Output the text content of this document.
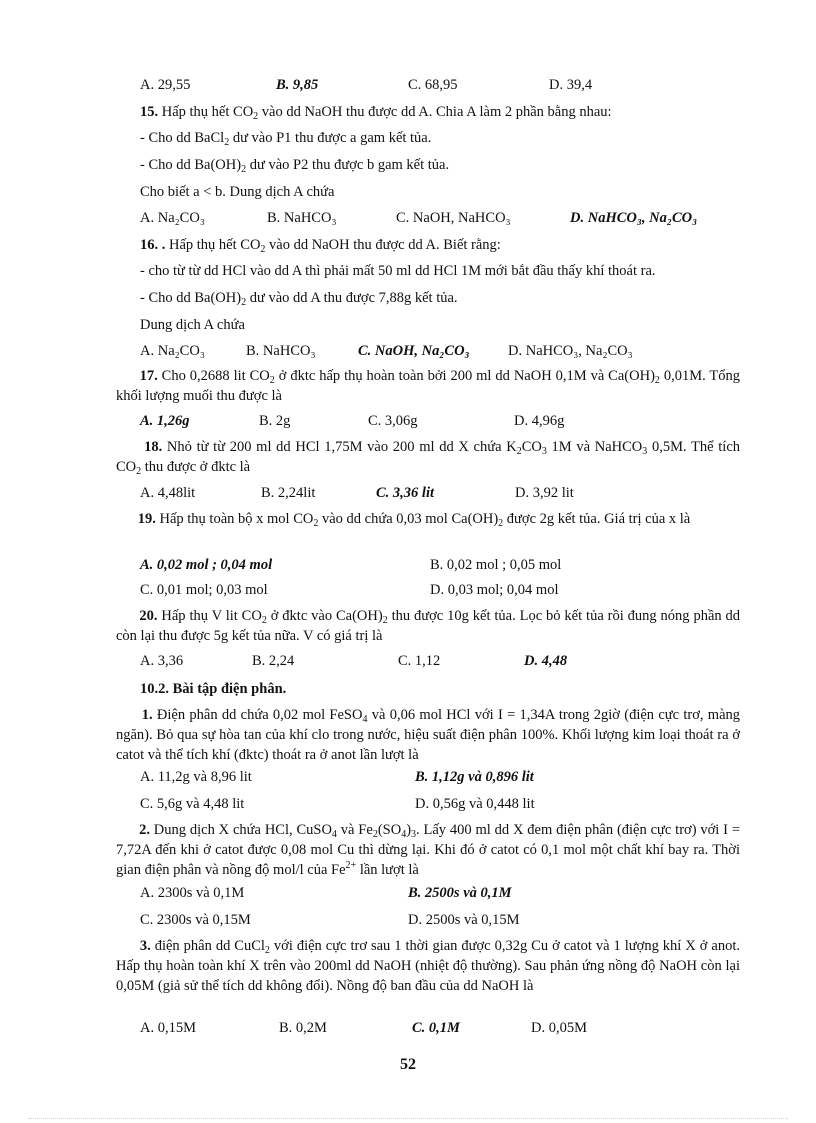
A. 29,55	B. 9,85	C. 68,95	D. 39,4
15. Hấp thụ hết $CO_2$ vào dd NaOH thu được dd A. Chia A làm 2 phần bằng nhau:
- Cho dd BaCl$_2$ dư vào P1 thu được a gam kết tủa.
- Cho dd $Ba(OH)_2$ dư vào P2 thu được b gam kết tủa.
Cho biết a < b. Dung dịch A chứa
A. Na₂CO₃	B. NaHCO₃	C. NaOH, NaHCO₃	D. NaHCO₃, Na₂CO₃
16. . Hấp thụ hết $CO_2$ vào dd NaOH thu được dd A. Biết rằng:
- cho từ từ dd HCl vào dd A thì phải mất 50 ml dd HCl 1M mới bắt đầu thấy khí thoát ra.
- Cho dd $Ba(OH)_2$ dư vào dd A thu được 7,88g kết tủa.
Dung dịch A chứa
A. Na₂CO₃	B. NaHCO₃	C. NaOH, Na₂CO₃	D. NaHCO₃, Na₂CO₃
17. Cho 0,2688 lit $CO_2$ ở đktc hấp thụ hoàn toàn bởi 200 ml dd NaOH 0,1M và $Ca(OH)_2$ 0,01M. Tổng khối lượng muối thu được là
A. 1,26g	B. 2g	C. 3,06g	D. 4,96g
18. Nhỏ từ từ 200 ml dd HCl 1,75M vào 200 ml dd X chứa $K_2CO_3$ 1M và NaHCO$_3$ 0,5M. Thể tích $CO_2$ thu được ở đktc là
A. 4,48lit	B. 2,24lit	C. 3,36 lit	D. 3,92 lit
19. Hấp thụ toàn bộ x mol $CO_2$ vào dd chứa 0,03 mol $Ca(OH)_2$ được 2g kết tủa. Giá trị của x là
A. 0,02 mol ; 0,04 mol	B. 0,02 mol ; 0,05 mol
C. 0,01 mol; 0,03 mol	D. 0,03 mol; 0,04 mol
20. Hấp thụ V lit $CO_2$ ở đktc vào $Ca(OH)_2$ thu được 10g kết tủa. Lọc bỏ kết tủa rồi đung nóng phần dd còn lại thu được 5g kết tủa nữa. V có giá trị là
A. 3,36	B. 2,24	C. 1,12	D. 4,48
10.2. Bài tập điện phân.
1. Điện phân dd chứa 0,02 mol FeSO$_4$ và 0,06 mol HCl với I = 1,34A trong 2giờ (điện cực trơ, màng ngăn). Bỏ qua sự hòa tan của khí clo trong nước, hiệu suất điện phân 100%. Khối lượng kim loại thoát ra ở catot và thể tích khí (đktc) thoát ra ở anot lần lượt là
A. 11,2g và 8,96 lit	B. 1,12g và 0,896 lit
C. 5,6g và 4,48 lit	D. 0,56g và 0,448 lit
2. Dung dịch X chứa HCl, CuSO$_4$ và $Fe_2(SO_4)_3$. Lấy 400 ml dd X đem điện phân (điện cực trơ) với I = 7,72A đến khi ở catot được 0,08 mol Cu thì dừng lại. Khi đó ở catot có 0,1 mol một chất khí bay ra. Thời gian điện phân và nồng độ mol/l của $Fe^{2+}$ lần lượt là
A. 2300s và 0,1M	B. 2500s và 0,1M
C. 2300s và 0,15M	D. 2500s và 0,15M
3. điện phân dd CuCl$_2$ với điện cực trơ sau 1 thời gian được 0,32g Cu ở catot và 1 lượng khí X ở anot. Hấp thụ hoàn toàn khí X trên vào 200ml dd NaOH (nhiệt độ thường). Sau phản ứng nồng độ NaOH còn lại 0,05M (giả sử thể tích dd không đổi). Nồng độ ban đầu của dd NaOH là
A. 0,15M	B. 0,2M	C. 0,1M	D. 0,05M
52
